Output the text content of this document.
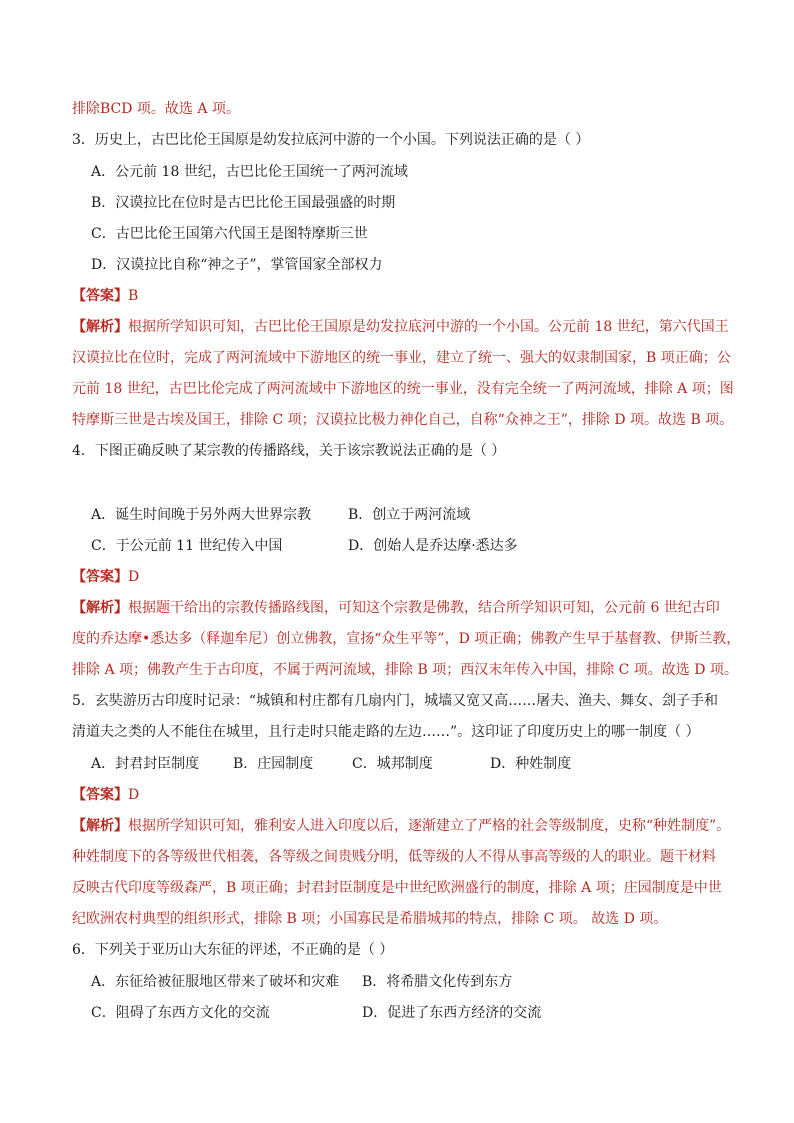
排除BCD 项。故选 A 项。
3．历史上，古巴比伦王国原是幼发拉底河中游的一个小国。下列说法正确的是（ ）
A．公元前 18 世纪，古巴比伦王国统一了两河流域
B．汉谟拉比在位时是古巴比伦王国最强盛的时期
C．古巴比伦王国第六代国王是图特摩斯三世
D．汉谟拉比自称“神之子”，掌管国家全部权力
【答案】B
【解析】根据所学知识可知，古巴比伦王国原是幼发拉底河中游的一个小国。公元前 18 世纪，第六代国王
汉谟拉比在位时，完成了两河流域中下游地区的统一事业，建立了统一、强大的奴隶制国家，B 项正确；公
元前 18 世纪，古巴比伦完成了两河流域中下游地区的统一事业，没有完全统一了两河流域，排除 A 项；图
特摩斯三世是古埃及国王，排除 C 项；汉谟拉比极力神化自己，自称“众神之王”，排除 D 项。故选 B 项。
4．下图正确反映了某宗教的传播路线，关于该宗教说法正确的是（ ）
A．诞生时间晚于另外两大世界宗教	B．创立于两河流域
C．于公元前 11 世纪传入中国	D．创始人是乔达摩·悉达多
【答案】D
【解析】根据题干给出的宗教传播路线图，可知这个宗教是佛教，结合所学知识可知，公元前 6 世纪古印
度的乔达摩•悉达多（释迦牟尼）创立佛教，宣扬“众生平等”，D 项正确；佛教产生早于基督教、伊斯兰教，
排除 A 项；佛教产生于古印度，不属于两河流域，排除 B 项；西汉末年传入中国，排除 C 项。故选 D 项。
5．玄奘游历古印度时记录：“城镇和村庄都有几扇内门，城墙又宽又高……屠夫、渔夫、舞女、刽子手和
清道夫之类的人不能住在城里，且行走时只能走路的左边……”。这印证了印度历史上的哪一制度（ ）
A．封君封臣制度 B．庄园制度	C．城邦制度	D．种姓制度
【答案】D
【解析】根据所学知识可知，雅利安人进入印度以后，逐渐建立了严格的社会等级制度，史称“种姓制度”。
种姓制度下的各等级世代相袭，各等级之间贵贱分明，低等级的人不得从事高等级的人的职业。题干材料
反映古代印度等级森严，B 项正确；封君封臣制度是中世纪欧洲盛行的制度，排除 A 项；庄园制度是中世
纪欧洲农村典型的组织形式，排除 B 项；小国寡民是希腊城邦的特点，排除 C 项。 故选 D 项。
6．下列关于亚历山大东征的评述，不正确的是（ ）
A．东征给被征服地区带来了破坏和灾难 B．将希腊文化传到东方
C．阻碍了东西方文化的交流	D．促进了东西方经济的交流
